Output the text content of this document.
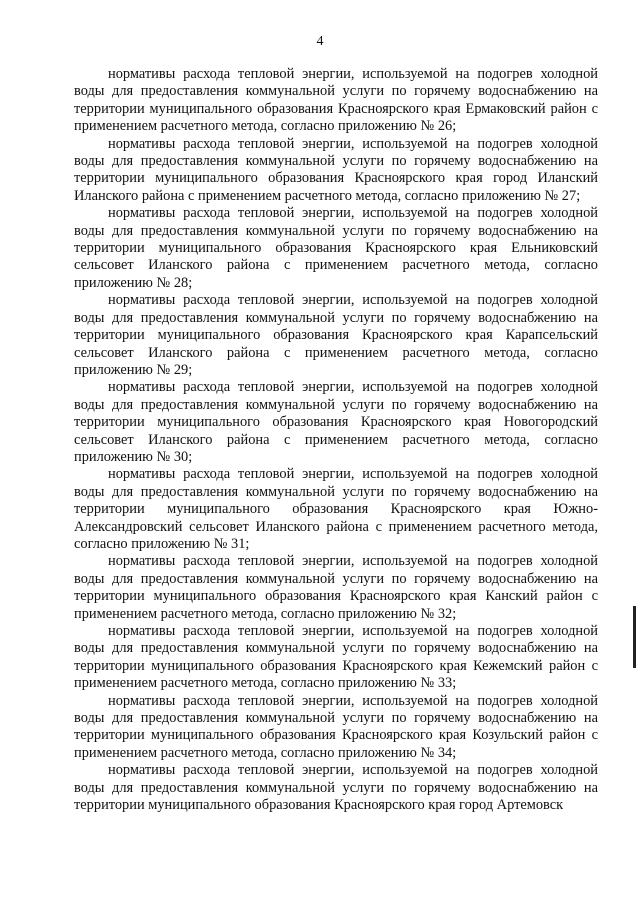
4

нормативы расхода тепловой энергии, используемой на подогрев холодной воды для предоставления коммунальной услуги по горячему водоснабжению на территории муниципального образования Красноярского края Ермаковский район с применением расчетного метода, согласно приложению № 26;

нормативы расхода тепловой энергии, используемой на подогрев холодной воды для предоставления коммунальной услуги по горячему водоснабжению на территории муниципального образования Красноярского края город Иланский Иланского района с применением расчетного метода, согласно приложению № 27;

нормативы расхода тепловой энергии, используемой на подогрев холодной воды для предоставления коммунальной услуги по горячему водоснабжению на территории муниципального образования Красноярского края Ельниковский сельсовет Иланского района с применением расчетного метода, согласно приложению № 28;

нормативы расхода тепловой энергии, используемой на подогрев холодной воды для предоставления коммунальной услуги по горячему водоснабжению на территории муниципального образования Красноярского края Карапсельский сельсовет Иланского района с применением расчетного метода, согласно приложению № 29;

нормативы расхода тепловой энергии, используемой на подогрев холодной воды для предоставления коммунальной услуги по горячему водоснабжению на территории муниципального образования Красноярского края Новогородский сельсовет Иланского района с применением расчетного метода, согласно приложению № 30;

нормативы расхода тепловой энергии, используемой на подогрев холодной воды для предоставления коммунальной услуги по горячему водоснабжению на территории муниципального образования Красноярского края Южно-Александровский сельсовет Иланского района с применением расчетного метода, согласно приложению № 31;

нормативы расхода тепловой энергии, используемой на подогрев холодной воды для предоставления коммунальной услуги по горячему водоснабжению на территории муниципального образования Красноярского края Канский район с применением расчетного метода, согласно приложению № 32;

нормативы расхода тепловой энергии, используемой на подогрев холодной воды для предоставления коммунальной услуги по горячему водоснабжению на территории муниципального образования Красноярского края Кежемский район с применением расчетного метода, согласно приложению № 33;

нормативы расхода тепловой энергии, используемой на подогрев холодной воды для предоставления коммунальной услуги по горячему водоснабжению на территории муниципального образования Красноярского края Козульский район с применением расчетного метода, согласно приложению № 34;

нормативы расхода тепловой энергии, используемой на подогрев холодной воды для предоставления коммунальной услуги по горячему водоснабжению на территории муниципального образования Красноярского края город Артемовск
